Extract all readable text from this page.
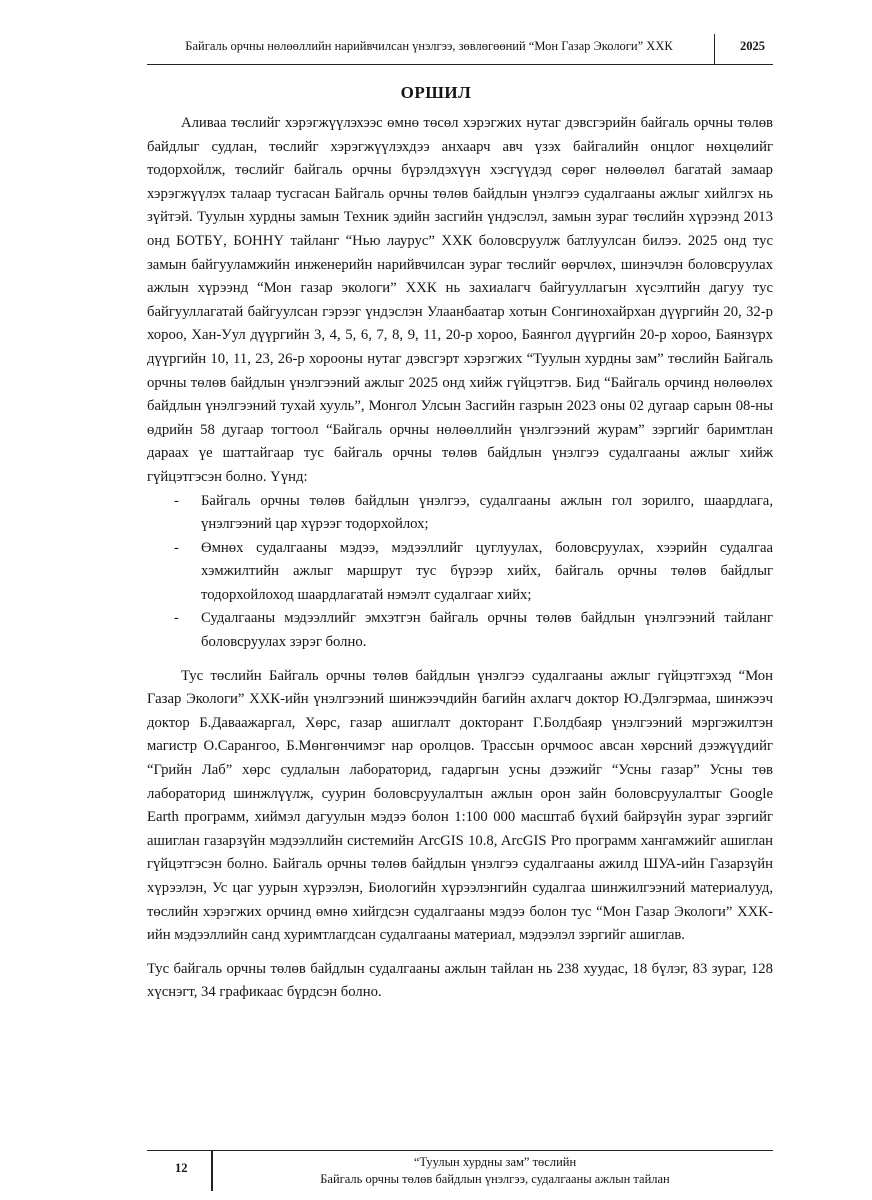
Байгаль орчны нөлөөллийн нарийвчилсан үнэлгээ, зөвлөгөөний “Мон Газар Экологи” ХХК	2025
ОРШИЛ

Аливаа төслийг хэрэгжүүлэхээс өмнө төсөл хэрэгжих нутаг дэвсгэрийн байгаль орчны төлөв байдлыг судлан, төслийг хэрэгжүүлэхдээ анхаарч авч үзэх байгалийн онцлог нөхцөлийг тодорхойлж, төслийг байгаль орчны бүрэлдэхүүн хэсгүүдэд сөрөг нөлөөлөл багатай замаар хэрэгжүүлэх талаар тусгасан Байгаль орчны төлөв байдлын үнэлгээ судалгааны ажлыг хийлгэх нь зүйтэй. Туулын хурдны замын Техник эдийн засгийн үндэслэл, замын зураг төслийн хүрээнд 2013 онд БОТБҮ, БОННҮ тайланг “Нью лаурус” ХХК боловсруулж батлуулсан билээ. 2025 онд тус замын байгууламжийн инженерийн нарийвчилсан зураг төслийг өөрчлөх, шинэчлэн боловсруулах ажлын хүрээнд “Мон газар экологи” ХХК нь захиалагч байгууллагын хүсэлтийн дагуу тус байгууллагатай байгуулсан гэрээг үндэслэн Улаанбаатар хотын Сонгинохайрхан дүүргийн 20, 32-р хороо, Хан-Уул дүүргийн 3, 4, 5, 6, 7, 8, 9, 11, 20-р хороо, Баянгол дүүргийн 20-р хороо, Баянзүрх дүүргийн 10, 11, 23, 26-р хорооны нутаг дэвсгэрт хэрэгжих “Туулын хурдны зам” төслийн Байгаль орчны төлөв байдлын үнэлгээний ажлыг 2025 онд хийж гүйцэтгэв. Бид “Байгаль орчинд нөлөөлөх байдлын үнэлгээний тухай хууль”, Монгол Улсын Засгийн газрын 2023 оны 02 дугаар сарын 08-ны өдрийн 58 дугаар тогтоол “Байгаль орчны нөлөөллийн үнэлгээний журам” зэргийг баримтлан дараах үе шаттайгаар тус байгаль орчны төлөв байдлын үнэлгээ судалгааны ажлыг хийж гүйцэтгэсэн болно. Үүнд:

- Байгаль орчны төлөв байдлын үнэлгээ, судалгааны ажлын гол зорилго, шаардлага, үнэлгээний цар хүрээг тодорхойлох;
- Өмнөх судалгааны мэдээ, мэдээллийг цуглуулах, боловсруулах, хээрийн судалгаа хэмжилтийн ажлыг маршрут тус бүрээр хийх, байгаль орчны төлөв байдлыг тодорхойлоход шаардлагатай нэмэлт судалгааг хийх;
- Судалгааны мэдээллийг эмхэтгэн байгаль орчны төлөв байдлын үнэлгээний тайланг боловсруулах зэрэг болно.

Тус төслийн Байгаль орчны төлөв байдлын үнэлгээ судалгааны ажлыг гүйцэтгэхэд “Мон Газар Экологи” ХХК-ийн үнэлгээний шинжээчдийн багийн ахлагч доктор Ю.Дэлгэрмаа, шинжээч доктор Б.Даваажаргал, Хөрс, газар ашиглалт докторант Г.Болдбаяр үнэлгээний мэргэжилтэн магистр О.Сарангоо, Б.Мөнгөнчимэг нар оролцов. Трассын орчмоос авсан хөрсний дээжүүдийг “Грийн Лаб” хөрс судлалын лабораторид, гадаргын усны дээжийг “Усны газар” Усны төв лабораторид шинжлүүлж, суурин боловсруулалтын ажлын орон зайн боловсруулалтыг Google Earth программ, хиймэл дагуулын мэдээ болон 1:100 000 масштаб бүхий байрзүйн зураг зэргийг ашиглан газарзүйн мэдээллийн системийн ArcGIS 10.8, ArcGIS Pro программ хангамжийг ашиглан гүйцэтгэсэн болно. Байгаль орчны төлөв байдлын үнэлгээ судалгааны ажилд ШУА-ийн Газарзүйн хүрээлэн, Ус цаг уурын хүрээлэн, Биологийн хүрээлэнгийн судалгаа шинжилгээний материалууд, төслийн хэрэгжих орчинд өмнө хийгдсэн судалгааны мэдээ болон тус “Мон Газар Экологи” ХХК-ийн мэдээллийн санд хуримтлагдсан судалгааны материал, мэдээлэл зэргийг ашиглав.

Тус байгаль орчны төлөв байдлын судалгааны ажлын тайлан нь 238 хуудас, 18 бүлэг, 83 зураг, 128 хүснэгт, 34 графикаас бүрдсэн болно.

12	“Туулын хурдны зам” төслийн
Байгаль орчны төлөв байдлын үнэлгээ, судалгааны ажлын тайлан
